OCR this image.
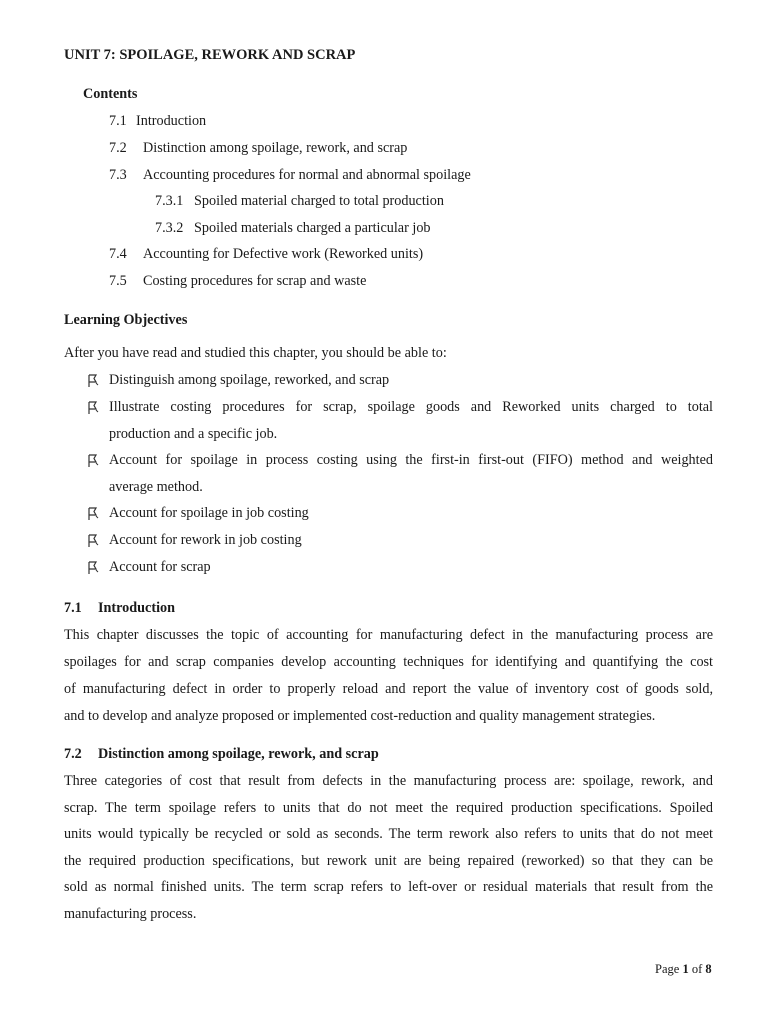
UNIT 7: SPOILAGE, REWORK AND SCRAP
Contents
7.1 Introduction
7.2 Distinction among spoilage, rework, and scrap
7.3 Accounting procedures for normal and abnormal spoilage
7.3.1 Spoiled material charged to total production
7.3.2 Spoiled materials charged a particular job
7.4 Accounting for Defective work (Reworked units)
7.5 Costing procedures for scrap and waste
Learning Objectives
After you have read and studied this chapter, you should be able to:
Distinguish among spoilage, reworked, and scrap
Illustrate costing procedures for scrap, spoilage goods and Reworked units charged to total
production and a specific job.
Account for spoilage in process costing using the first-in first-out (FIFO) method and weighted
average method.
Account for spoilage in job costing
Account for rework in job costing
Account for scrap
7.1 Introduction
This chapter discusses the topic of accounting for manufacturing defect in the manufacturing process are
spoilages for and scrap companies develop accounting techniques for identifying and quantifying the cost
of manufacturing defect in order to properly reload and report the value of inventory cost of goods sold,
and to develop and analyze proposed or implemented cost-reduction and quality management strategies.
7.2 Distinction among spoilage, rework, and scrap
Three categories of cost that result from defects in the manufacturing process are: spoilage, rework, and
scrap. The term spoilage refers to units that do not meet the required production specifications. Spoiled
units would typically be recycled or sold as seconds. The term rework also refers to units that do not meet
the required production specifications, but rework unit are being repaired (reworked) so that they can be
sold as normal finished units. The term scrap refers to left-over or residual materials that result from the
manufacturing process.
Page 1 of 8
